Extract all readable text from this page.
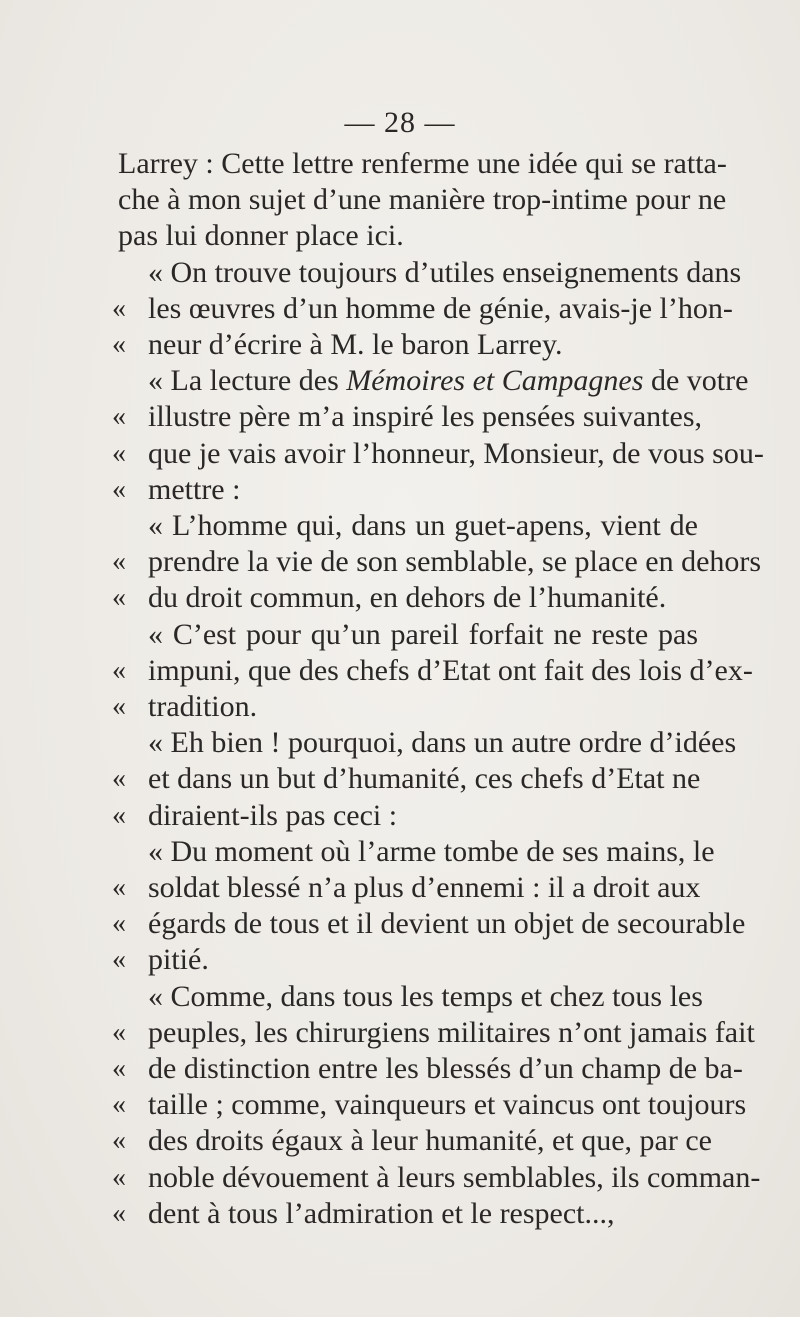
— 28 —
Larrey : Cette lettre renferme une idée qui se ratta-
che à mon sujet d’une manière trop-intime pour ne
pas lui donner place ici.
« On trouve toujours d’utiles enseignements dans
« les œuvres d’un homme de génie, avais-je l’hon-
« neur d’écrire à M. le baron Larrey.
« La lecture des Mémoires et Campagnes de votre
« illustre père m’a inspiré les pensées suivantes,
« que je vais avoir l’honneur, Monsieur, de vous sou-
« mettre :
« L’homme qui, dans un guet-apens, vient de
« prendre la vie de son semblable, se place en dehors
« du droit commun, en dehors de l’humanité.
« C’est pour qu’un pareil forfait ne reste pas
« impuni, que des chefs d’Etat ont fait des lois d’ex-
« tradition.
« Eh bien ! pourquoi, dans un autre ordre d’idées
« et dans un but d’humanité, ces chefs d’Etat ne
« diraient-ils pas ceci :
« Du moment où l’arme tombe de ses mains, le
« soldat blessé n’a plus d’ennemi : il a droit aux
« égards de tous et il devient un objet de secourable
« pitié.
« Comme, dans tous les temps et chez tous les
« peuples, les chirurgiens militaires n’ont jamais fait
« de distinction entre les blessés d’un champ de ba-
« taille ; comme, vainqueurs et vaincus ont toujours
« des droits égaux à leur humanité, et que, par ce
« noble dévouement à leurs semblables, ils comman-
« dent à tous l’admiration et le respect...,
